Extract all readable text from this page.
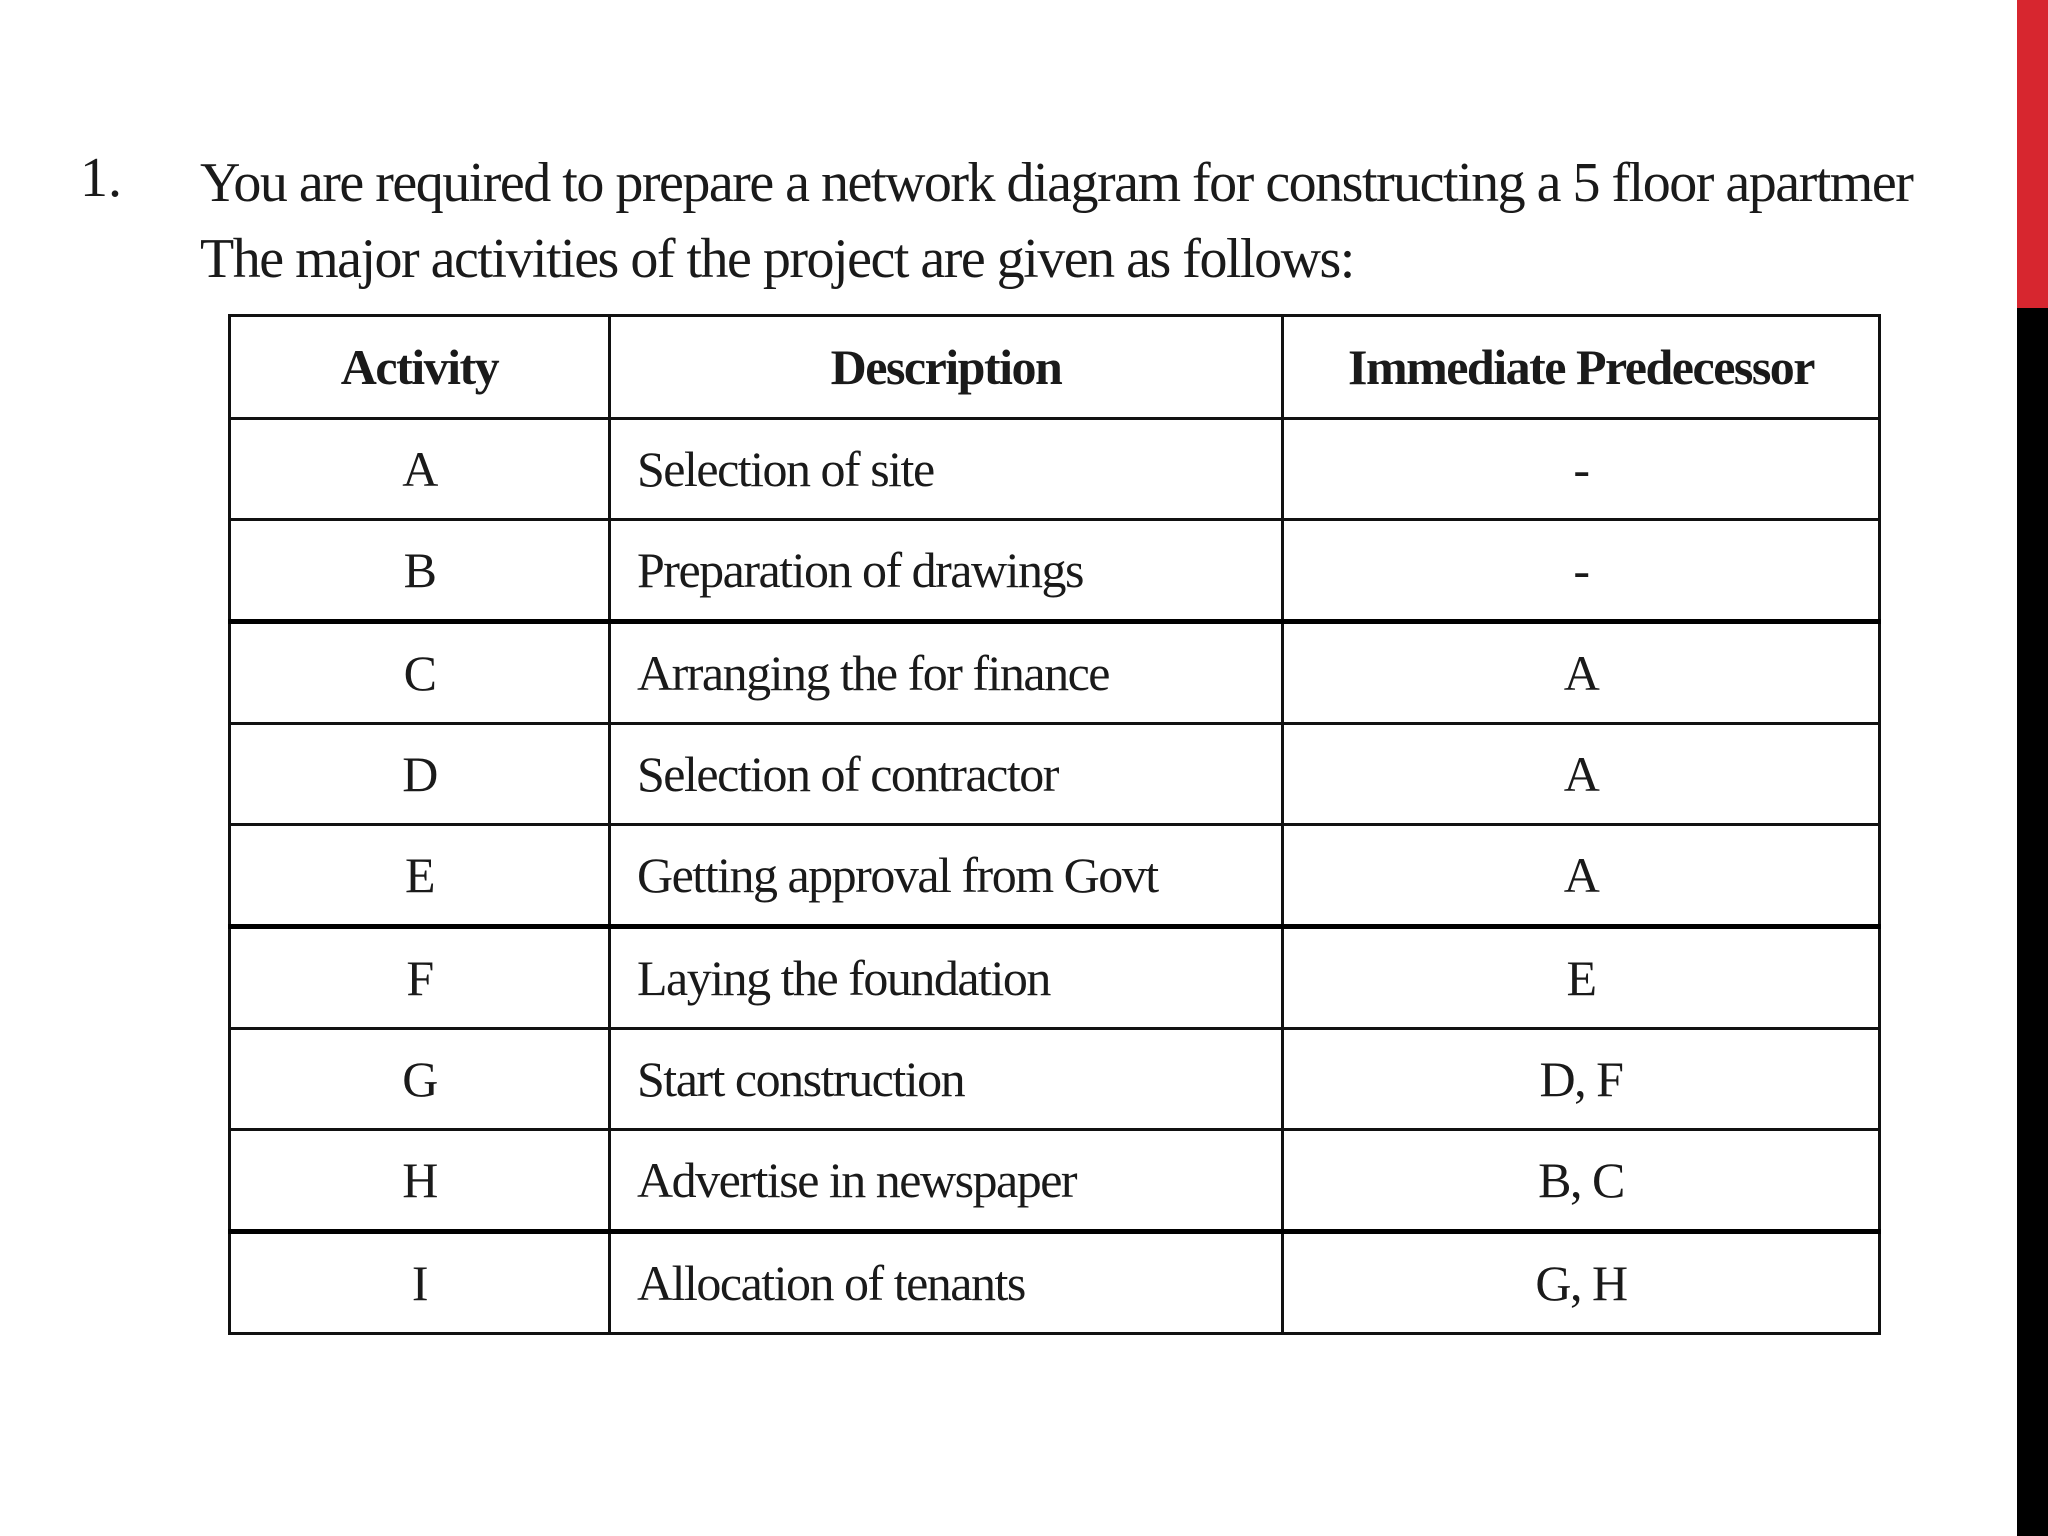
1. You are required to prepare a network diagram for constructing a 5 floor apartmer
The major activities of the project are given as follows:
Activity	Description	Immediate Predecessor
A	Selection of site	-
B	Preparation of drawings	-
C	Arranging the for finance	A
D	Selection of contractor	A
E	Getting approval from Govt	A
F	Laying the foundation	E
G	Start construction	D, F
H	Advertise in newspaper	B, C
I	Allocation of tenants	G, H
